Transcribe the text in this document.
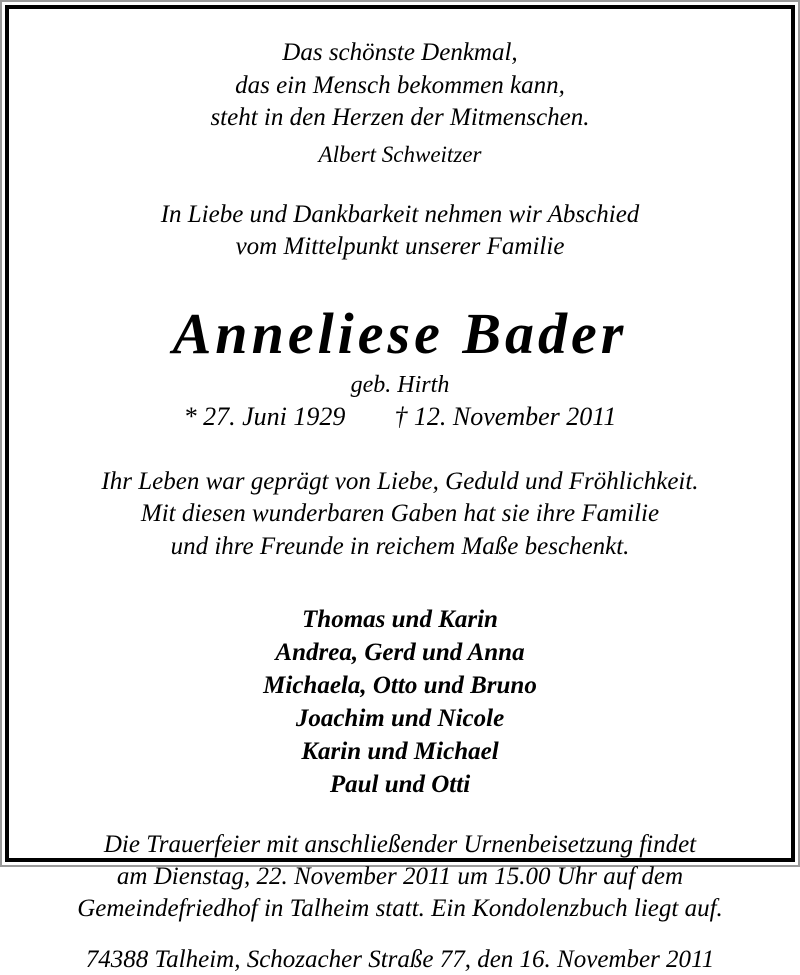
Das schönste Denkmal,
das ein Mensch bekommen kann,
steht in den Herzen der Mitmenschen.
Albert Schweitzer
In Liebe und Dankbarkeit nehmen wir Abschied
vom Mittelpunkt unserer Familie
Anneliese Bader
geb. Hirth
* 27. Juni 1929 † 12. November 2011
Ihr Leben war geprägt von Liebe, Geduld und Fröhlichkeit.
Mit diesen wunderbaren Gaben hat sie ihre Familie
und ihre Freunde in reichem Maße beschenkt.
Thomas und Karin
Andrea, Gerd und Anna
Michaela, Otto und Bruno
Joachim und Nicole
Karin und Michael
Paul und Otti
Die Trauerfeier mit anschließender Urnenbeisetzung findet
am Dienstag, 22. November 2011 um 15.00 Uhr auf dem
Gemeindefriedhof in Talheim statt. Ein Kondolenzbuch liegt auf.
74388 Talheim, Schozacher Straße 77, den 16. November 2011
